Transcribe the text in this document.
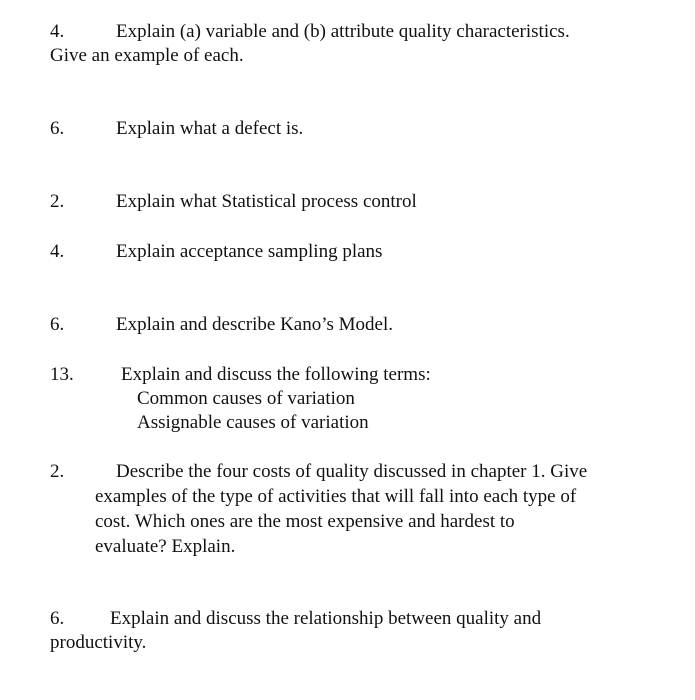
4.	Explain (a) variable and (b) attribute quality characteristics.
Give an example of each.
6.	Explain what a defect is.
2.	Explain what Statistical process control
4.	Explain acceptance sampling plans
6.	Explain and describe Kano’s Model.
13. Explain and discuss the following terms:
Common causes of variation
Assignable causes of variation
2.	Describe the four costs of quality discussed in chapter 1. Give
examples of the type of activities that will fall into each type of
cost. Which ones are the most expensive and hardest to
evaluate? Explain.
6. Explain and discuss the relationship between quality and
productivity.
